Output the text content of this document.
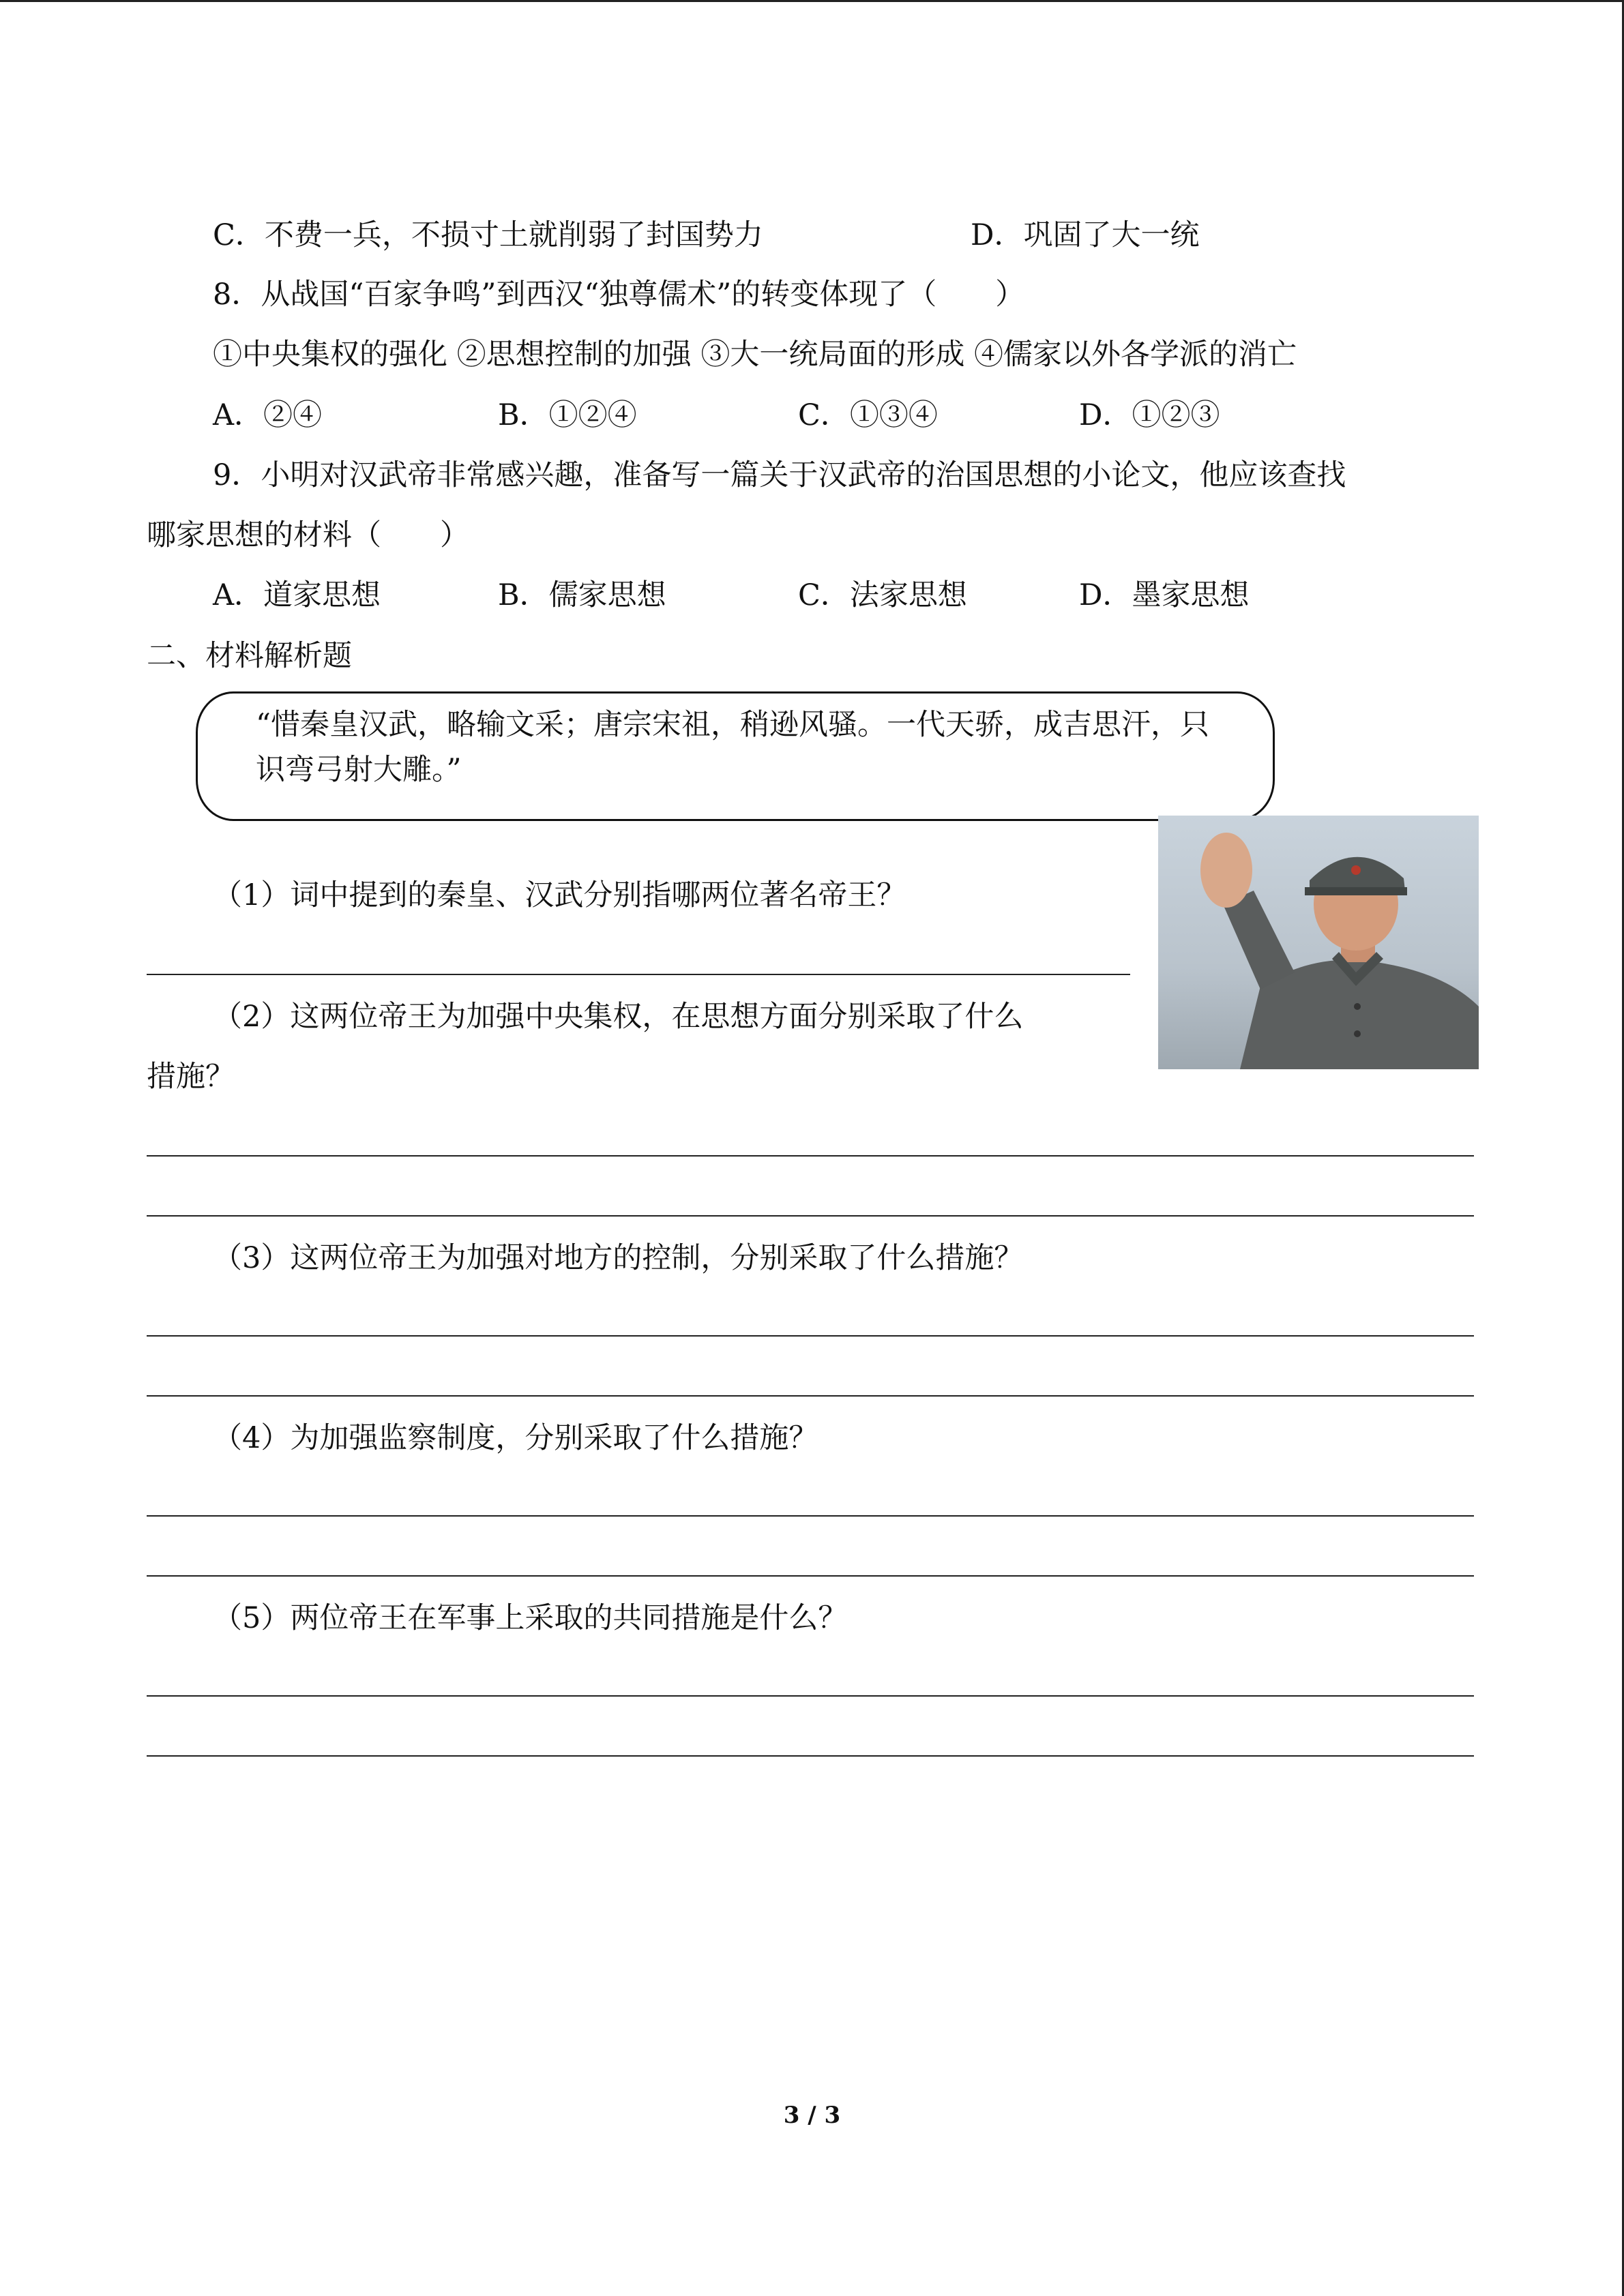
C．不费一兵，不损寸土就削弱了封国势力	D．巩固了大一统
8．从战国“百家争鸣”到西汉“独尊儒术”的转变体现了（　　）
①中央集权的强化 ②思想控制的加强 ③大一统局面的形成 ④儒家以外各学派的消亡
A．②④	B．①②④	C．①③④	D．①②③
9．小明对汉武帝非常感兴趣，准备写一篇关于汉武帝的治国思想的小论文，他应该查找
哪家思想的材料（　　）
A．道家思想	B．儒家思想	C．法家思想	D．墨家思想
二、材料解析题
“惜秦皇汉武，略输文采；唐宗宋祖，稍逊风骚。一代天骄，成吉思汗，只识弯弓射大雕。”
（1）词中提到的秦皇、汉武分别指哪两位著名帝王？
（2）这两位帝王为加强中央集权，在思想方面分别采取了什么
措施？
（3）这两位帝王为加强对地方的控制，分别采取了什么措施？
（4）为加强监察制度，分别采取了什么措施？
（5）两位帝王在军事上采取的共同措施是什么？
3 / 3
